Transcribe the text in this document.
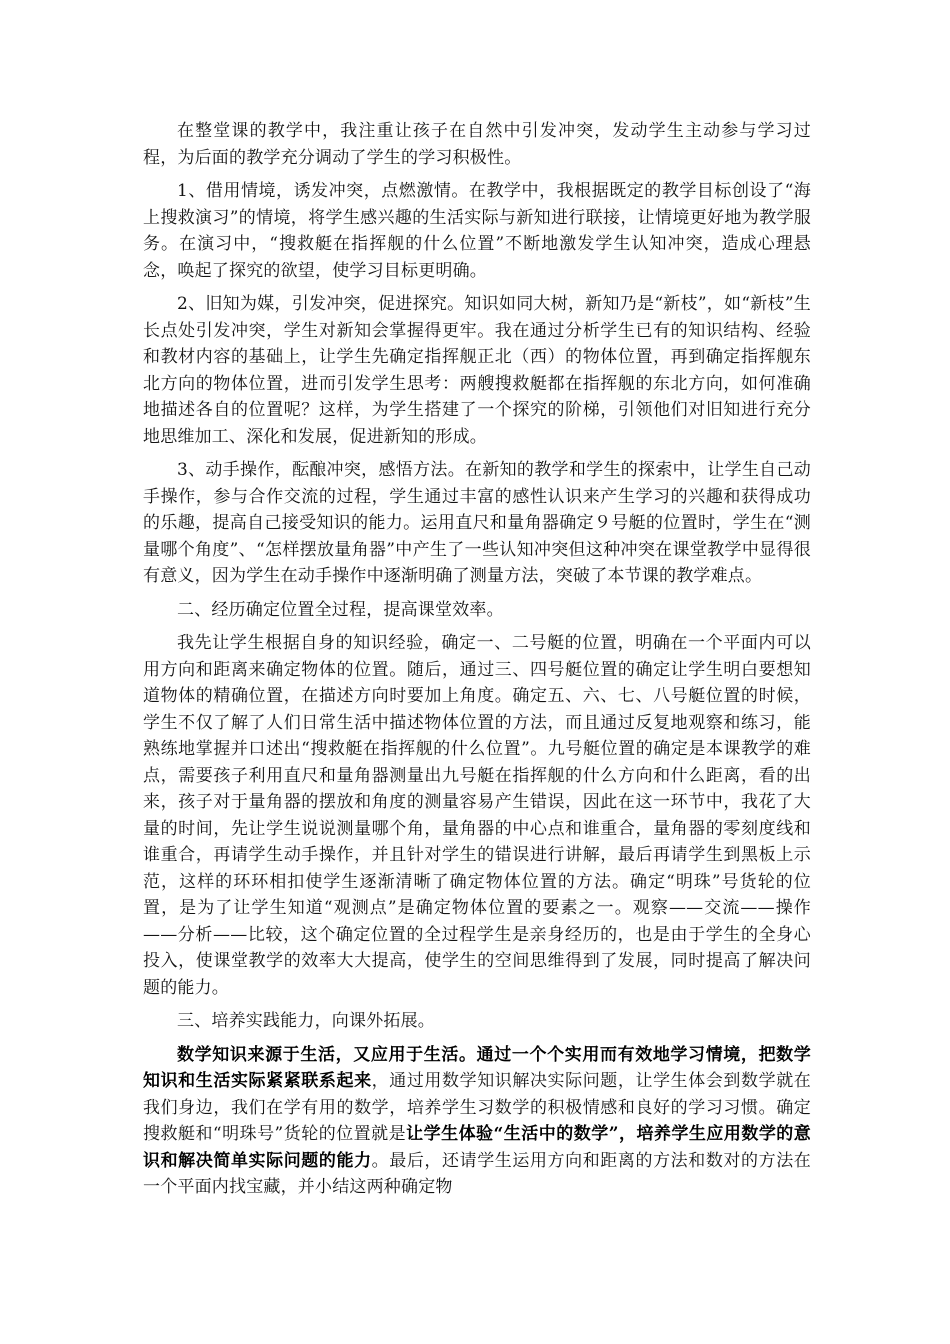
在整堂课的教学中，我注重让孩子在自然中引发冲突，发动学生主动参与学习过程，为后面的教学充分调动了学生的学习积极性。

1、借用情境，诱发冲突，点燃激情。在教学中，我根据既定的教学目标创设了“海上搜救演习”的情境，将学生感兴趣的生活实际与新知进行联接，让情境更好地为教学服务。在演习中，“搜救艇在指挥舰的什么位置”不断地激发学生认知冲突，造成心理悬念，唤起了探究的欲望，使学习目标更明确。

2、旧知为媒，引发冲突，促进探究。知识如同大树，新知乃是“新枝”，如“新枝”生长点处引发冲突，学生对新知会掌握得更牢。我在通过分析学生已有的知识结构、经验和教材内容的基础上，让学生先确定指挥舰正北（西）的物体位置，再到确定指挥舰东北方向的物体位置，进而引发学生思考：两艘搜救艇都在指挥舰的东北方向，如何准确地描述各自的位置呢？这样，为学生搭建了一个探究的阶梯，引领他们对旧知进行充分地思维加工、深化和发展，促进新知的形成。

3、动手操作，酝酿冲突，感悟方法。在新知的教学和学生的探索中，让学生自己动手操作，参与合作交流的过程，学生通过丰富的感性认识来产生学习的兴趣和获得成功的乐趣，提高自己接受知识的能力。运用直尺和量角器确定９号艇的位置时，学生在“测量哪个角度”、“怎样摆放量角器”中产生了一些认知冲突但这种冲突在课堂教学中显得很有意义，因为学生在动手操作中逐渐明确了测量方法，突破了本节课的教学难点。

二、经历确定位置全过程，提高课堂效率。

我先让学生根据自身的知识经验，确定一、二号艇的位置，明确在一个平面内可以用方向和距离来确定物体的位置。随后，通过三、四号艇位置的确定让学生明白要想知道物体的精确位置，在描述方向时要加上角度。确定五、六、七、八号艇位置的时候，学生不仅了解了人们日常生活中描述物体位置的方法，而且通过反复地观察和练习，能熟练地掌握并口述出“搜救艇在指挥舰的什么位置”。九号艇位置的确定是本课教学的难点，需要孩子利用直尺和量角器测量出九号艇在指挥舰的什么方向和什么距离，看的出来，孩子对于量角器的摆放和角度的测量容易产生错误，因此在这一环节中，我花了大量的时间，先让学生说说测量哪个角，量角器的中心点和谁重合，量角器的零刻度线和谁重合，再请学生动手操作，并且针对学生的错误进行讲解，最后再请学生到黑板上示范，这样的环环相扣使学生逐渐清晰了确定物体位置的方法。确定“明珠”号货轮的位置，是为了让学生知道“观测点”是确定物体位置的要素之一。观察——交流——操作——分析——比较，这个确定位置的全过程学生是亲身经历的，也是由于学生的全身心投入，使课堂教学的效率大大提高，使学生的空间思维得到了发展，同时提高了解决问题的能力。

三、培养实践能力，向课外拓展。

数学知识来源于生活，又应用于生活。通过一个个实用而有效地学习情境，把数学知识和生活实际紧紧联系起来，通过用数学知识解决实际问题，让学生体会到数学就在我们身边，我们在学有用的数学，培养学生习数学的积极情感和良好的学习习惯。确定搜救艇和“明珠号”货轮的位置就是让学生体验“生活中的数学”，培养学生应用数学的意识和解决简单实际问题的能力。最后，还请学生运用方向和距离的方法和数对的方法在一个平面内找宝藏，并小结这两种确定物
